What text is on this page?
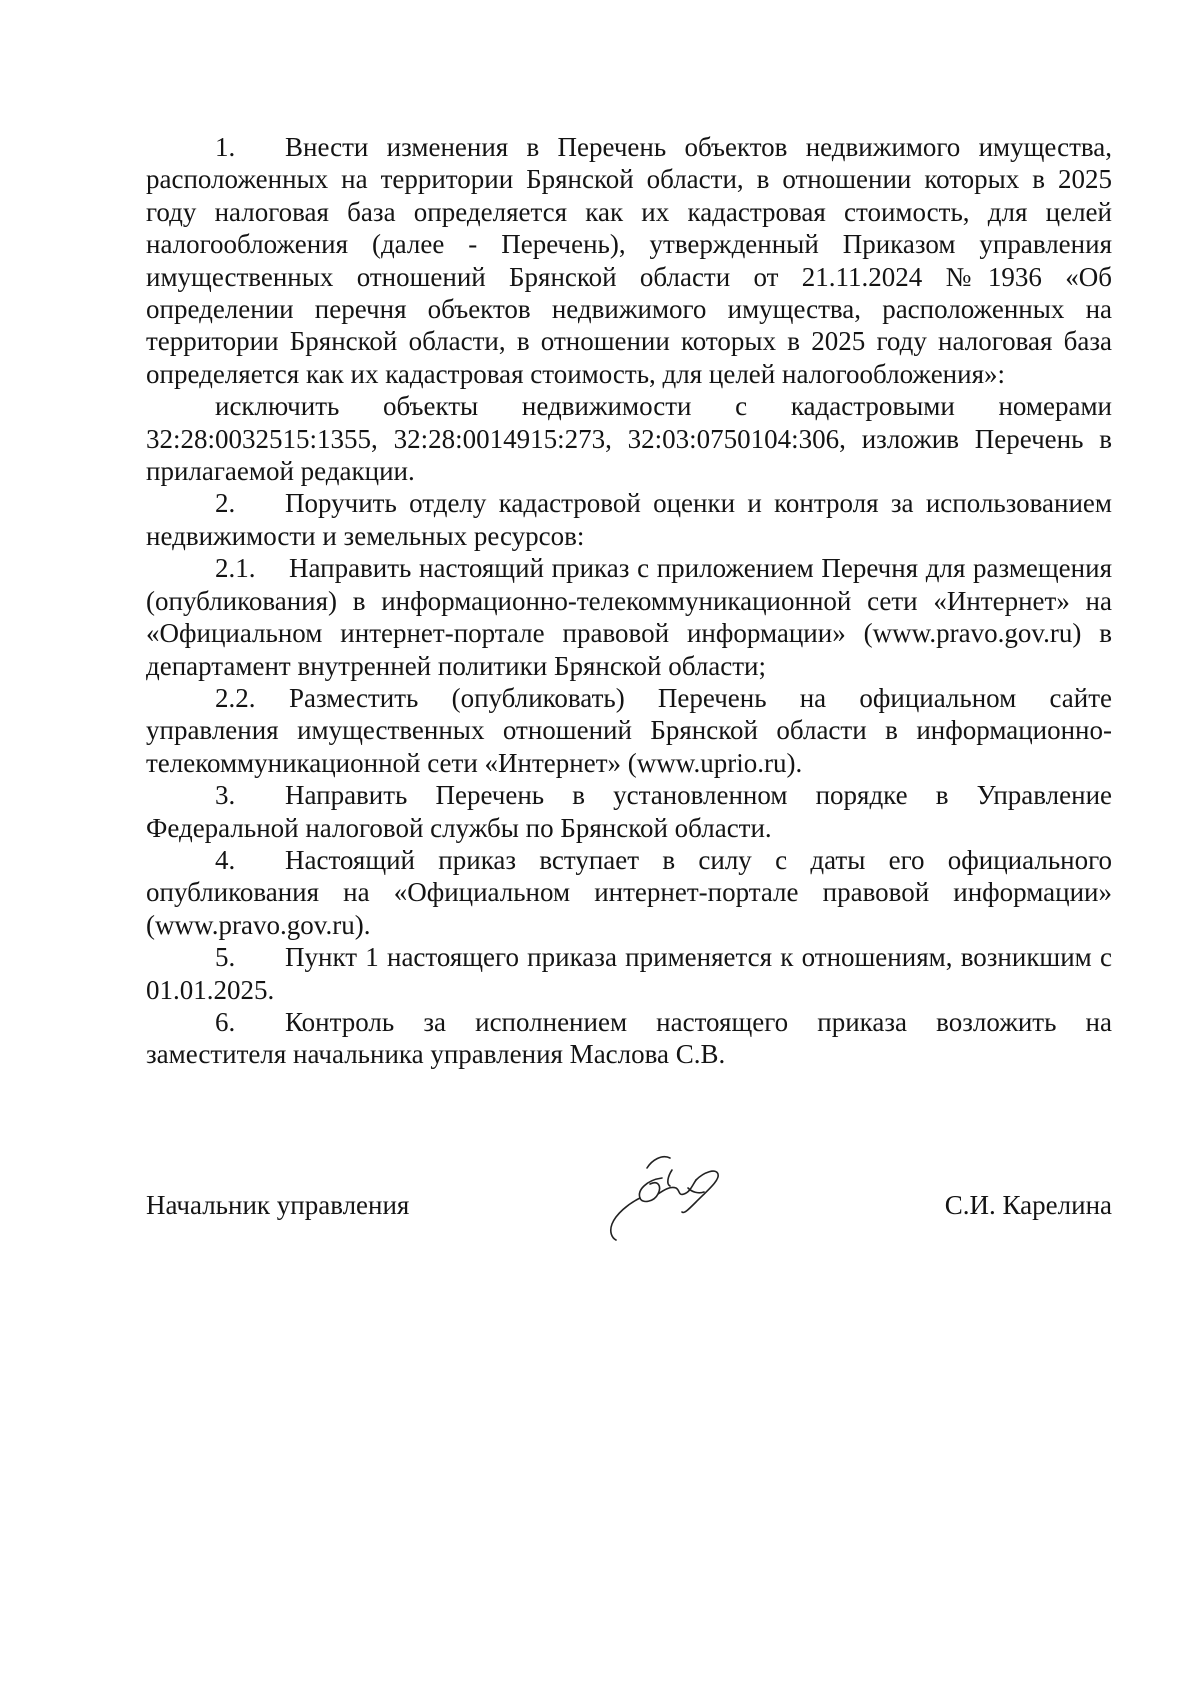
1. Внести изменения в Перечень объектов недвижимого имущества, расположенных на территории Брянской области, в отношении которых в 2025 году налоговая база определяется как их кадастровая стоимость, для целей налогообложения (далее - Перечень), утвержденный Приказом управления имущественных отношений Брянской области от 21.11.2024 №1936 «Об определении перечня объектов недвижимого имущества, расположенных на территории Брянской области, в отношении которых в 2025 году налоговая база определяется как их кадастровая стоимость, для целей налогообложения»:

исключить объекты недвижимости с кадастровыми номерами 32:28:0032515:1355, 32:28:0014915:273, 32:03:0750104:306, изложив Перечень в прилагаемой редакции.

2. Поручить отделу кадастровой оценки и контроля за использованием недвижимости и земельных ресурсов:

2.1. Направить настоящий приказ с приложением Перечня для размещения (опубликования) в информационно-телекоммуникационной сети «Интернет» на «Официальном интернет-портале правовой информации» (www.pravo.gov.ru) в департамент внутренней политики Брянской области;

2.2. Разместить (опубликовать) Перечень на официальном сайте управления имущественных отношений Брянской области в информационно-телекоммуникационной сети «Интернет» (www.uprio.ru).

3. Направить Перечень в установленном порядке в Управление Федеральной налоговой службы по Брянской области.

4. Настоящий приказ вступает в силу с даты его официального опубликования на «Официальном интернет-портале правовой информации» (www.pravo.gov.ru).

5. Пункт 1 настоящего приказа применяется к отношениям, возникшим с 01.01.2025.

6. Контроль за исполнением настоящего приказа возложить на заместителя начальника управления Маслова С.В.

Начальник управления	С.И. Карелина
